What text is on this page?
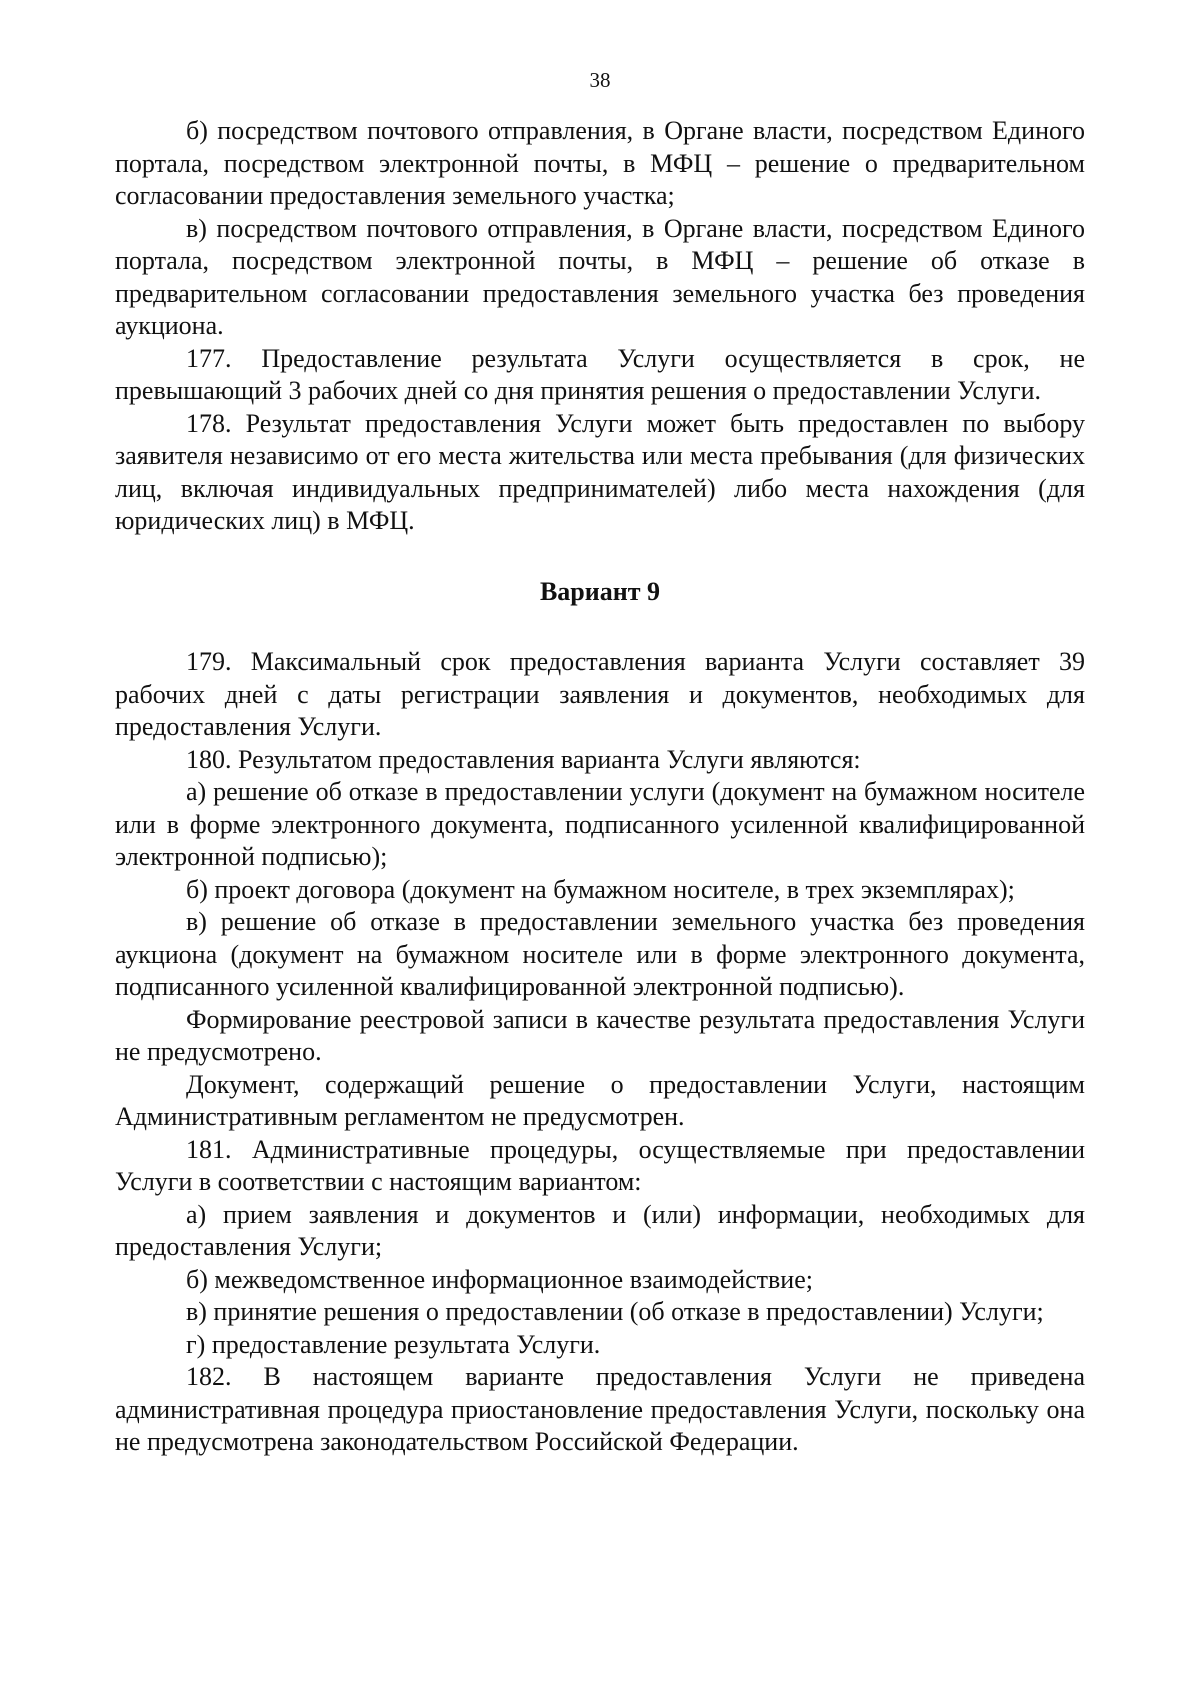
38

б) посредством почтового отправления, в Органе власти, посредством Единого портала, посредством электронной почты, в МФЦ – решение о предварительном согласовании предоставления земельного участка;

в) посредством почтового отправления, в Органе власти, посредством Единого портала, посредством электронной почты, в МФЦ – решение об отказе в предварительном согласовании предоставления земельного участка без проведения аукциона.

177. Предоставление результата Услуги осуществляется в срок, не превышающий 3 рабочих дней со дня принятия решения о предоставлении Услуги.

178. Результат предоставления Услуги может быть предоставлен по выбору заявителя независимо от его места жительства или места пребывания (для физических лиц, включая индивидуальных предпринимателей) либо места нахождения (для юридических лиц) в МФЦ.

Вариант 9

179. Максимальный срок предоставления варианта Услуги составляет 39 рабочих дней с даты регистрации заявления и документов, необходимых для предоставления Услуги.

180. Результатом предоставления варианта Услуги являются:

а) решение об отказе в предоставлении услуги (документ на бумажном носителе или в форме электронного документа, подписанного усиленной квалифицированной электронной подписью);

б) проект договора (документ на бумажном носителе, в трех экземплярах);

в) решение об отказе в предоставлении земельного участка без проведения аукциона (документ на бумажном носителе или в форме электронного документа, подписанного усиленной квалифицированной электронной подписью).

Формирование реестровой записи в качестве результата предоставления Услуги не предусмотрено.

Документ, содержащий решение о предоставлении Услуги, настоящим Административным регламентом не предусмотрен.

181. Административные процедуры, осуществляемые при предоставлении Услуги в соответствии с настоящим вариантом:

а) прием заявления и документов и (или) информации, необходимых для предоставления Услуги;

б) межведомственное информационное взаимодействие;

в) принятие решения о предоставлении (об отказе в предоставлении) Услуги;

г) предоставление результата Услуги.

182. В настоящем варианте предоставления Услуги не приведена административная процедура приостановление предоставления Услуги, поскольку она не предусмотрена законодательством Российской Федерации.
